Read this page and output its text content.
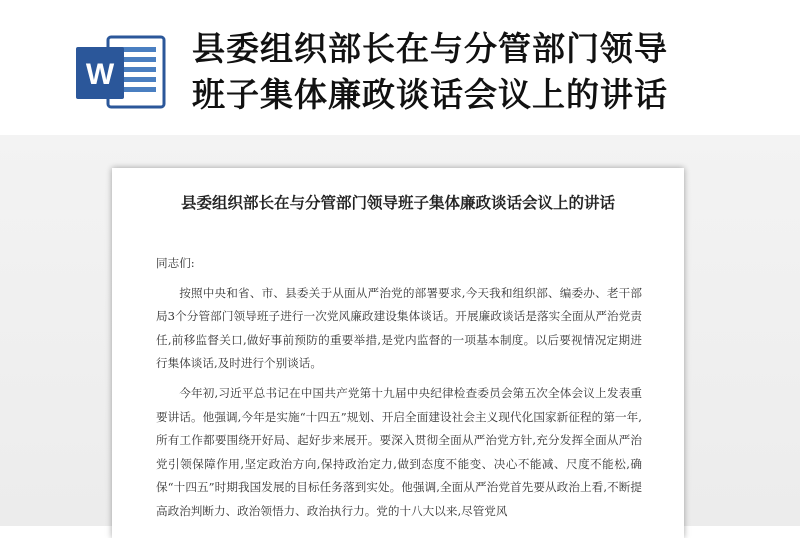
W
县委组织部长在与分管部门领导
班子集体廉政谈话会议上的讲话
县委组织部长在与分管部门领导班子集体廉政谈话会议上的讲话

同志们:

按照中央和省、市、县委关于从面从严治党的部署要求,今天我和组织部、编委办、老干部局3个分管部门领导班子进行一次党风廉政建设集体谈话。开展廉政谈话是落实全面从严治党责任,前移监督关口,做好事前预防的重要举措,是党内监督的一项基本制度。以后要视情况定期进行集体谈话,及时进行个别谈话。

今年初,习近平总书记在中国共产党第十九届中央纪律检查委员会第五次全体会议上发表重要讲话。他强调,今年是实施“十四五”规划、开启全面建设社会主义现代化国家新征程的第一年,所有工作都要围绕开好局、起好步来展开。要深入贯彻全面从严治党方针,充分发挥全面从严治党引领保障作用,坚定政治方向,保持政治定力,做到态度不能变、决心不能减、尺度不能松,确保“十四五”时期我国发展的目标任务落到实处。他强调,全面从严治党首先要从政治上看,不断提高政治判断力、政治领悟力、政治执行力。党的十八大以来,尽管党风
